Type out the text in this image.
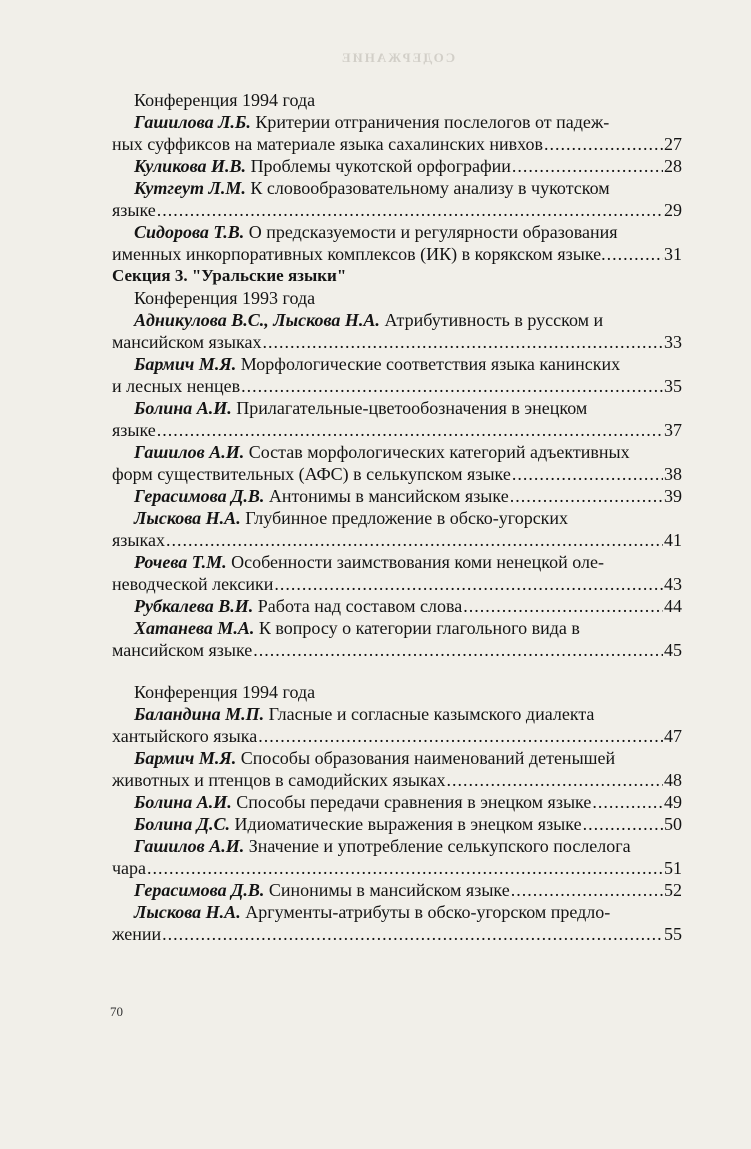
СОДЕРЖАНИЕ
Конференция 1994 года
Гашилова Л.Б. Критерии отграничения послелогов от падеж-
ных суффиксов на материале языка сахалинских нивхов .....	27
Куликова И.В. Проблемы чукотской орфографии .....	28
Кутгеут Л.М. К словообразовательному анализу в чукотском
языке .....	29
Сидорова Т.В. О предсказуемости и регулярности образования
именных инкорпоративных комплексов (ИК) в корякском языке. .....	31
Секция 3. "Уральские языки"
Конференция 1993 года
Адникулова В.С., Лыскова Н.А. Атрибутивность в русском и
мансийском языках .....	33
Бармич М.Я. Морфологические соответствия языка канинских
и лесных ненцев .....	35
Болина А.И. Прилагательные-цветообозначения в энецком
языке .....	37
Гашилов А.И. Состав морфологических категорий адъективных
форм существительных (АФС) в селькупском языке .....	38
Герасимова Д.В. Антонимы в мансийском языке .....	39
Лыскова Н.А. Глубинное предложение в обско-угорских
языках .....	41
Рочева Т.М. Особенности заимствования коми ненецкой оле-
неводческой лексики .....	43
Рубкалева В.И. Работа над составом слова .....	44
Хатанева М.А. К вопросу о категории глагольного вида в
мансийском языке .....	45
Конференция 1994 года
Баландина М.П. Гласные и согласные казымского диалекта
хантыйского языка .....	47
Бармич М.Я. Способы образования наименований детенышей
животных и птенцов в самодийских языках .....	48
Болина А.И. Способы передачи сравнения в энецком языке .....	49
Болина Д.С. Идиоматические выражения в энецком языке .....	50
Гашилов А.И. Значение и употребление селькупского послелога
чара .....	51
Герасимова Д.В. Синонимы в мансийском языке .....	52
Лыскова Н.А. Аргументы-атрибуты в обско-угорском предло-
жении .....	55
70
